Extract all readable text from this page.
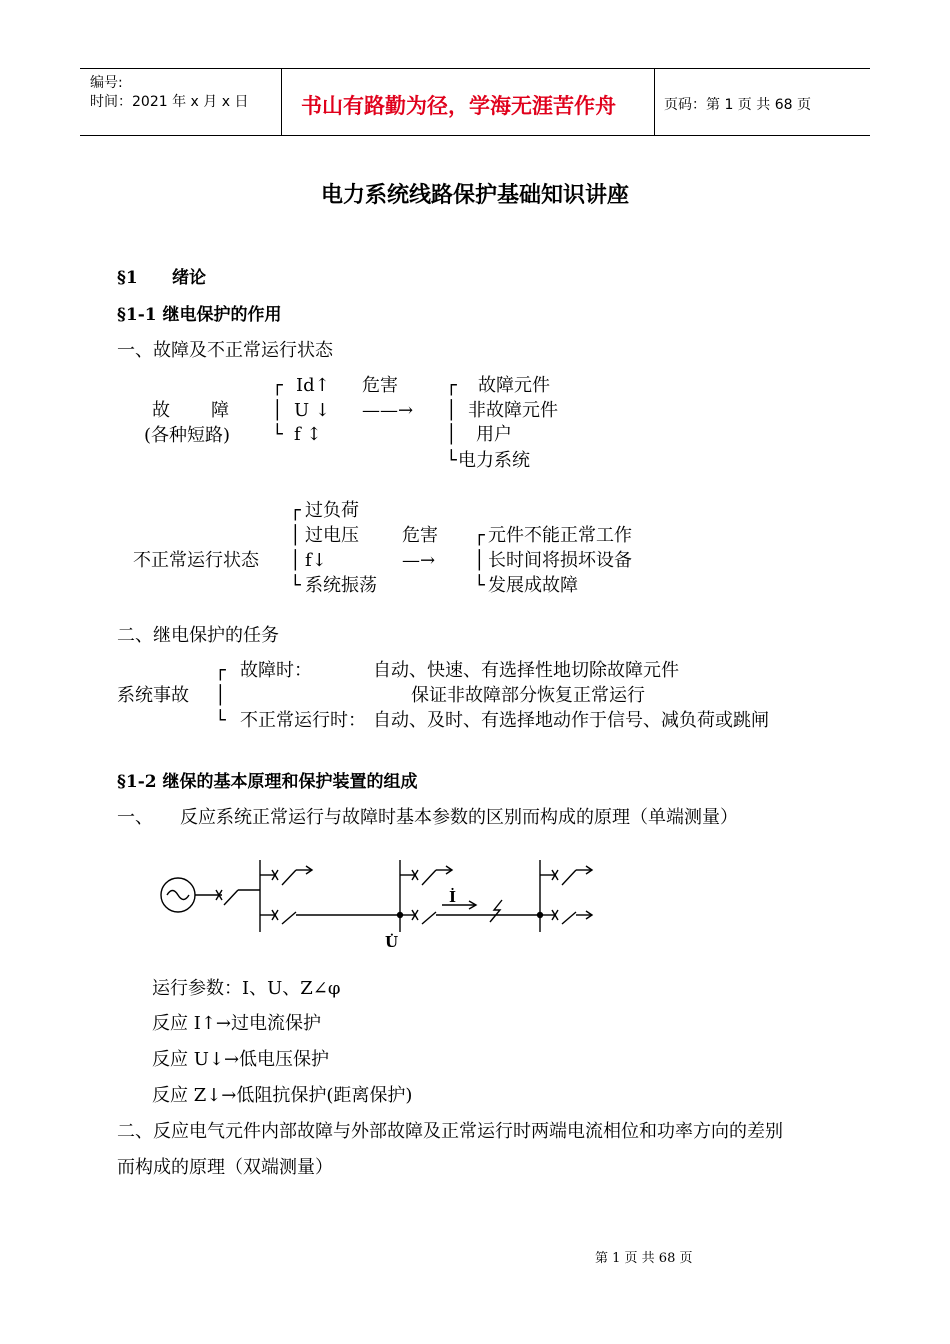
编号:
时间：2021 年 x 月 x 日	书山有路勤为径，学海无涯苦作舟	页码：第 1 页 共 68 页
电力系统线路保护基础知识讲座
§1 绪论
§1-1 继电保护的作用
一、故障及不正常运行状态
故 障
(各种短路)
┌
│
└
Id↑
U ↓
f ↕
危害
——→
┌
│
│
└
故障元件
非故障元件
用户
电力系统
不正常运行状态
┌
│
│
└
过负荷
过电压
f↓
系统振荡
危害
—→
┌
│
└
元件不能正常工作
长时间将损坏设备
发展成故障
二、继电保护的任务
系统事故
┌
│
└
故障时：	自动、快速、有选择性地切除故障元件
保证非故障部分恢复正常运行
不正常运行时： 自动、及时、有选择地动作于信号、减负荷或跳闸
§1-2 继保的基本原理和保护装置的组成
一、 反应系统正常运行与故障时基本参数的区别而构成的原理（单端测量）
İ
U̇
运行参数：I、U、Z∠φ
反应 I↑→过电流保护
反应 U↓→低电压保护
反应 Z↓→低阻抗保护(距离保护)
二、反应电气元件内部故障与外部故障及正常运行时两端电流相位和功率方向的差别
而构成的原理（双端测量）
第 1 页 共 68 页
